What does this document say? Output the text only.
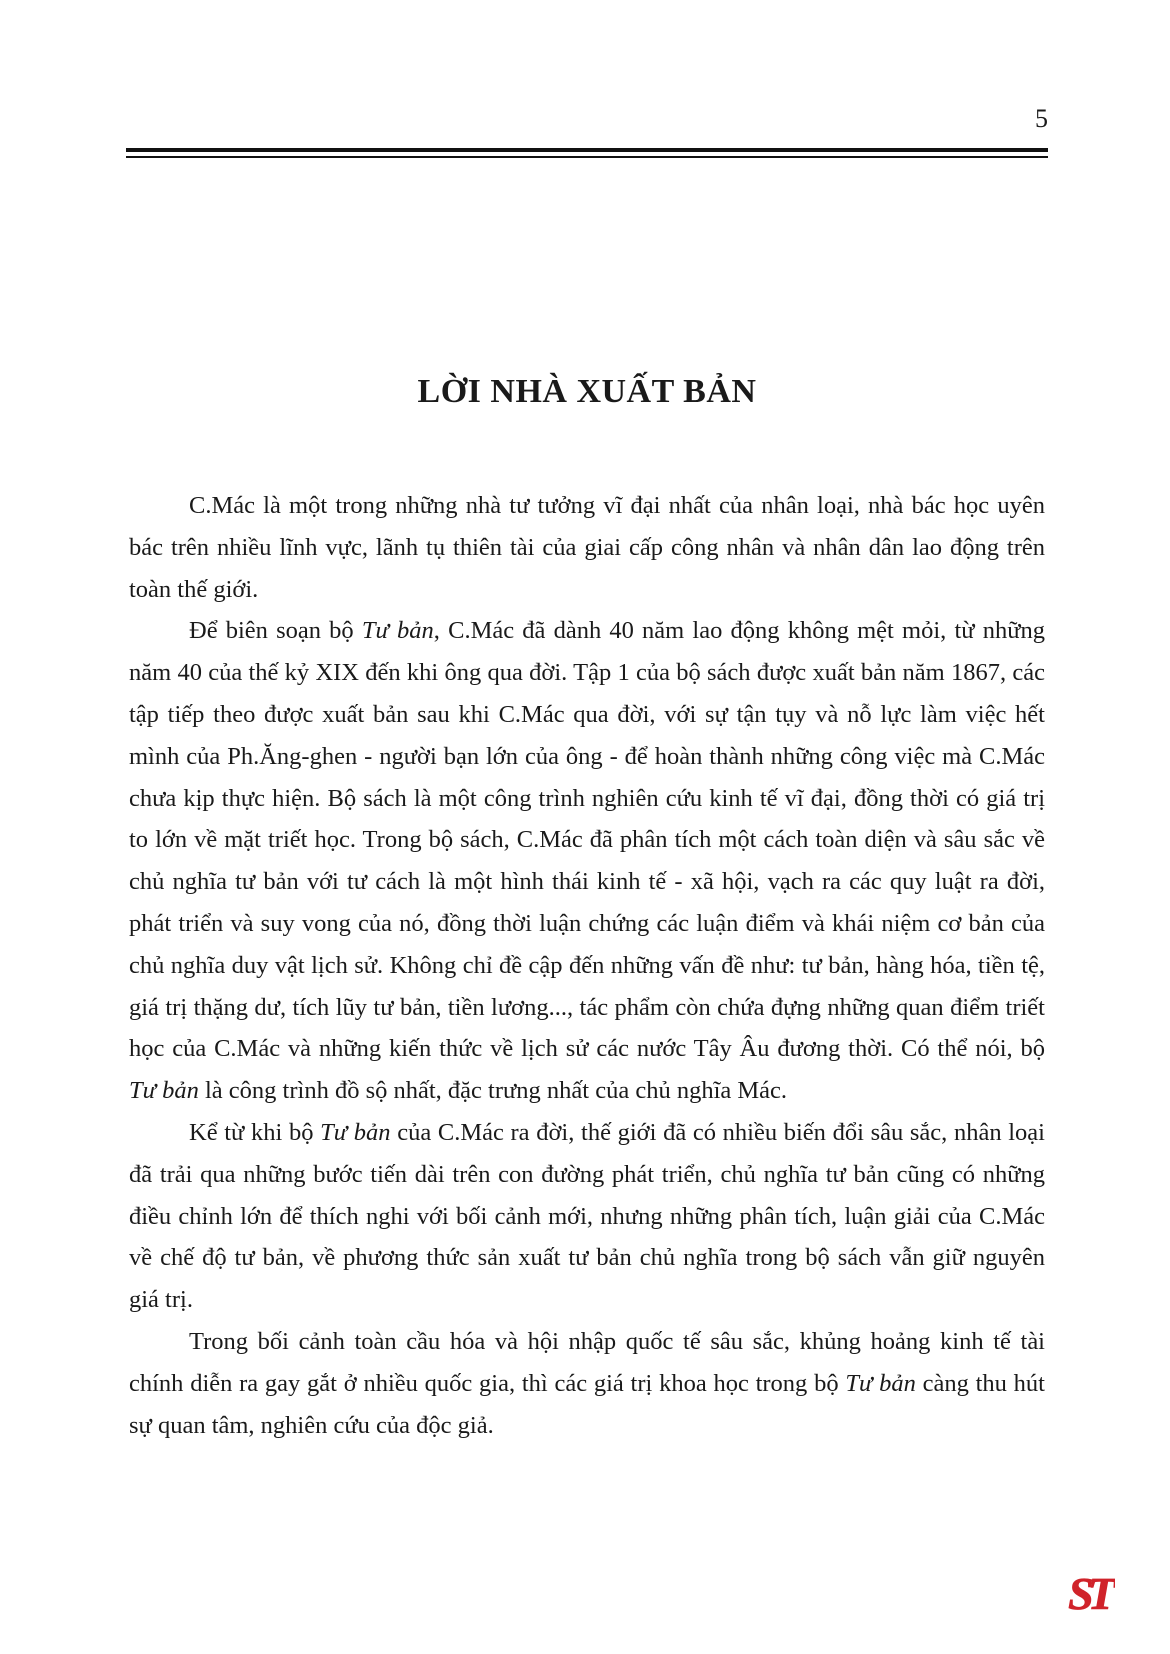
5
LỜI NHÀ XUẤT BẢN

C.Mác là một trong những nhà tư tưởng vĩ đại nhất của nhân loại, nhà bác học uyên bác trên nhiều lĩnh vực, lãnh tụ thiên tài của giai cấp công nhân và nhân dân lao động trên toàn thế giới.

Để biên soạn bộ Tư bản, C.Mác đã dành 40 năm lao động không mệt mỏi, từ những năm 40 của thế kỷ XIX đến khi ông qua đời. Tập 1 của bộ sách được xuất bản năm 1867, các tập tiếp theo được xuất bản sau khi C.Mác qua đời, với sự tận tụy và nỗ lực làm việc hết mình của Ph.Ăng-ghen - người bạn lớn của ông - để hoàn thành những công việc mà C.Mác chưa kịp thực hiện. Bộ sách là một công trình nghiên cứu kinh tế vĩ đại, đồng thời có giá trị to lớn về mặt triết học. Trong bộ sách, C.Mác đã phân tích một cách toàn diện và sâu sắc về chủ nghĩa tư bản với tư cách là một hình thái kinh tế - xã hội, vạch ra các quy luật ra đời, phát triển và suy vong của nó, đồng thời luận chứng các luận điểm và khái niệm cơ bản của chủ nghĩa duy vật lịch sử. Không chỉ đề cập đến những vấn đề như: tư bản, hàng hóa, tiền tệ, giá trị thặng dư, tích lũy tư bản, tiền lương..., tác phẩm còn chứa đựng những quan điểm triết học của C.Mác và những kiến thức về lịch sử các nước Tây Âu đương thời. Có thể nói, bộ Tư bản là công trình đồ sộ nhất, đặc trưng nhất của chủ nghĩa Mác.

Kể từ khi bộ Tư bản của C.Mác ra đời, thế giới đã có nhiều biến đổi sâu sắc, nhân loại đã trải qua những bước tiến dài trên con đường phát triển, chủ nghĩa tư bản cũng có những điều chỉnh lớn để thích nghi với bối cảnh mới, nhưng những phân tích, luận giải của C.Mác về chế độ tư bản, về phương thức sản xuất tư bản chủ nghĩa trong bộ sách vẫn giữ nguyên giá trị.

Trong bối cảnh toàn cầu hóa và hội nhập quốc tế sâu sắc, khủng hoảng kinh tế tài chính diễn ra gay gắt ở nhiều quốc gia, thì các giá trị khoa học trong bộ Tư bản càng thu hút sự quan tâm, nghiên cứu của độc giả.

ST
